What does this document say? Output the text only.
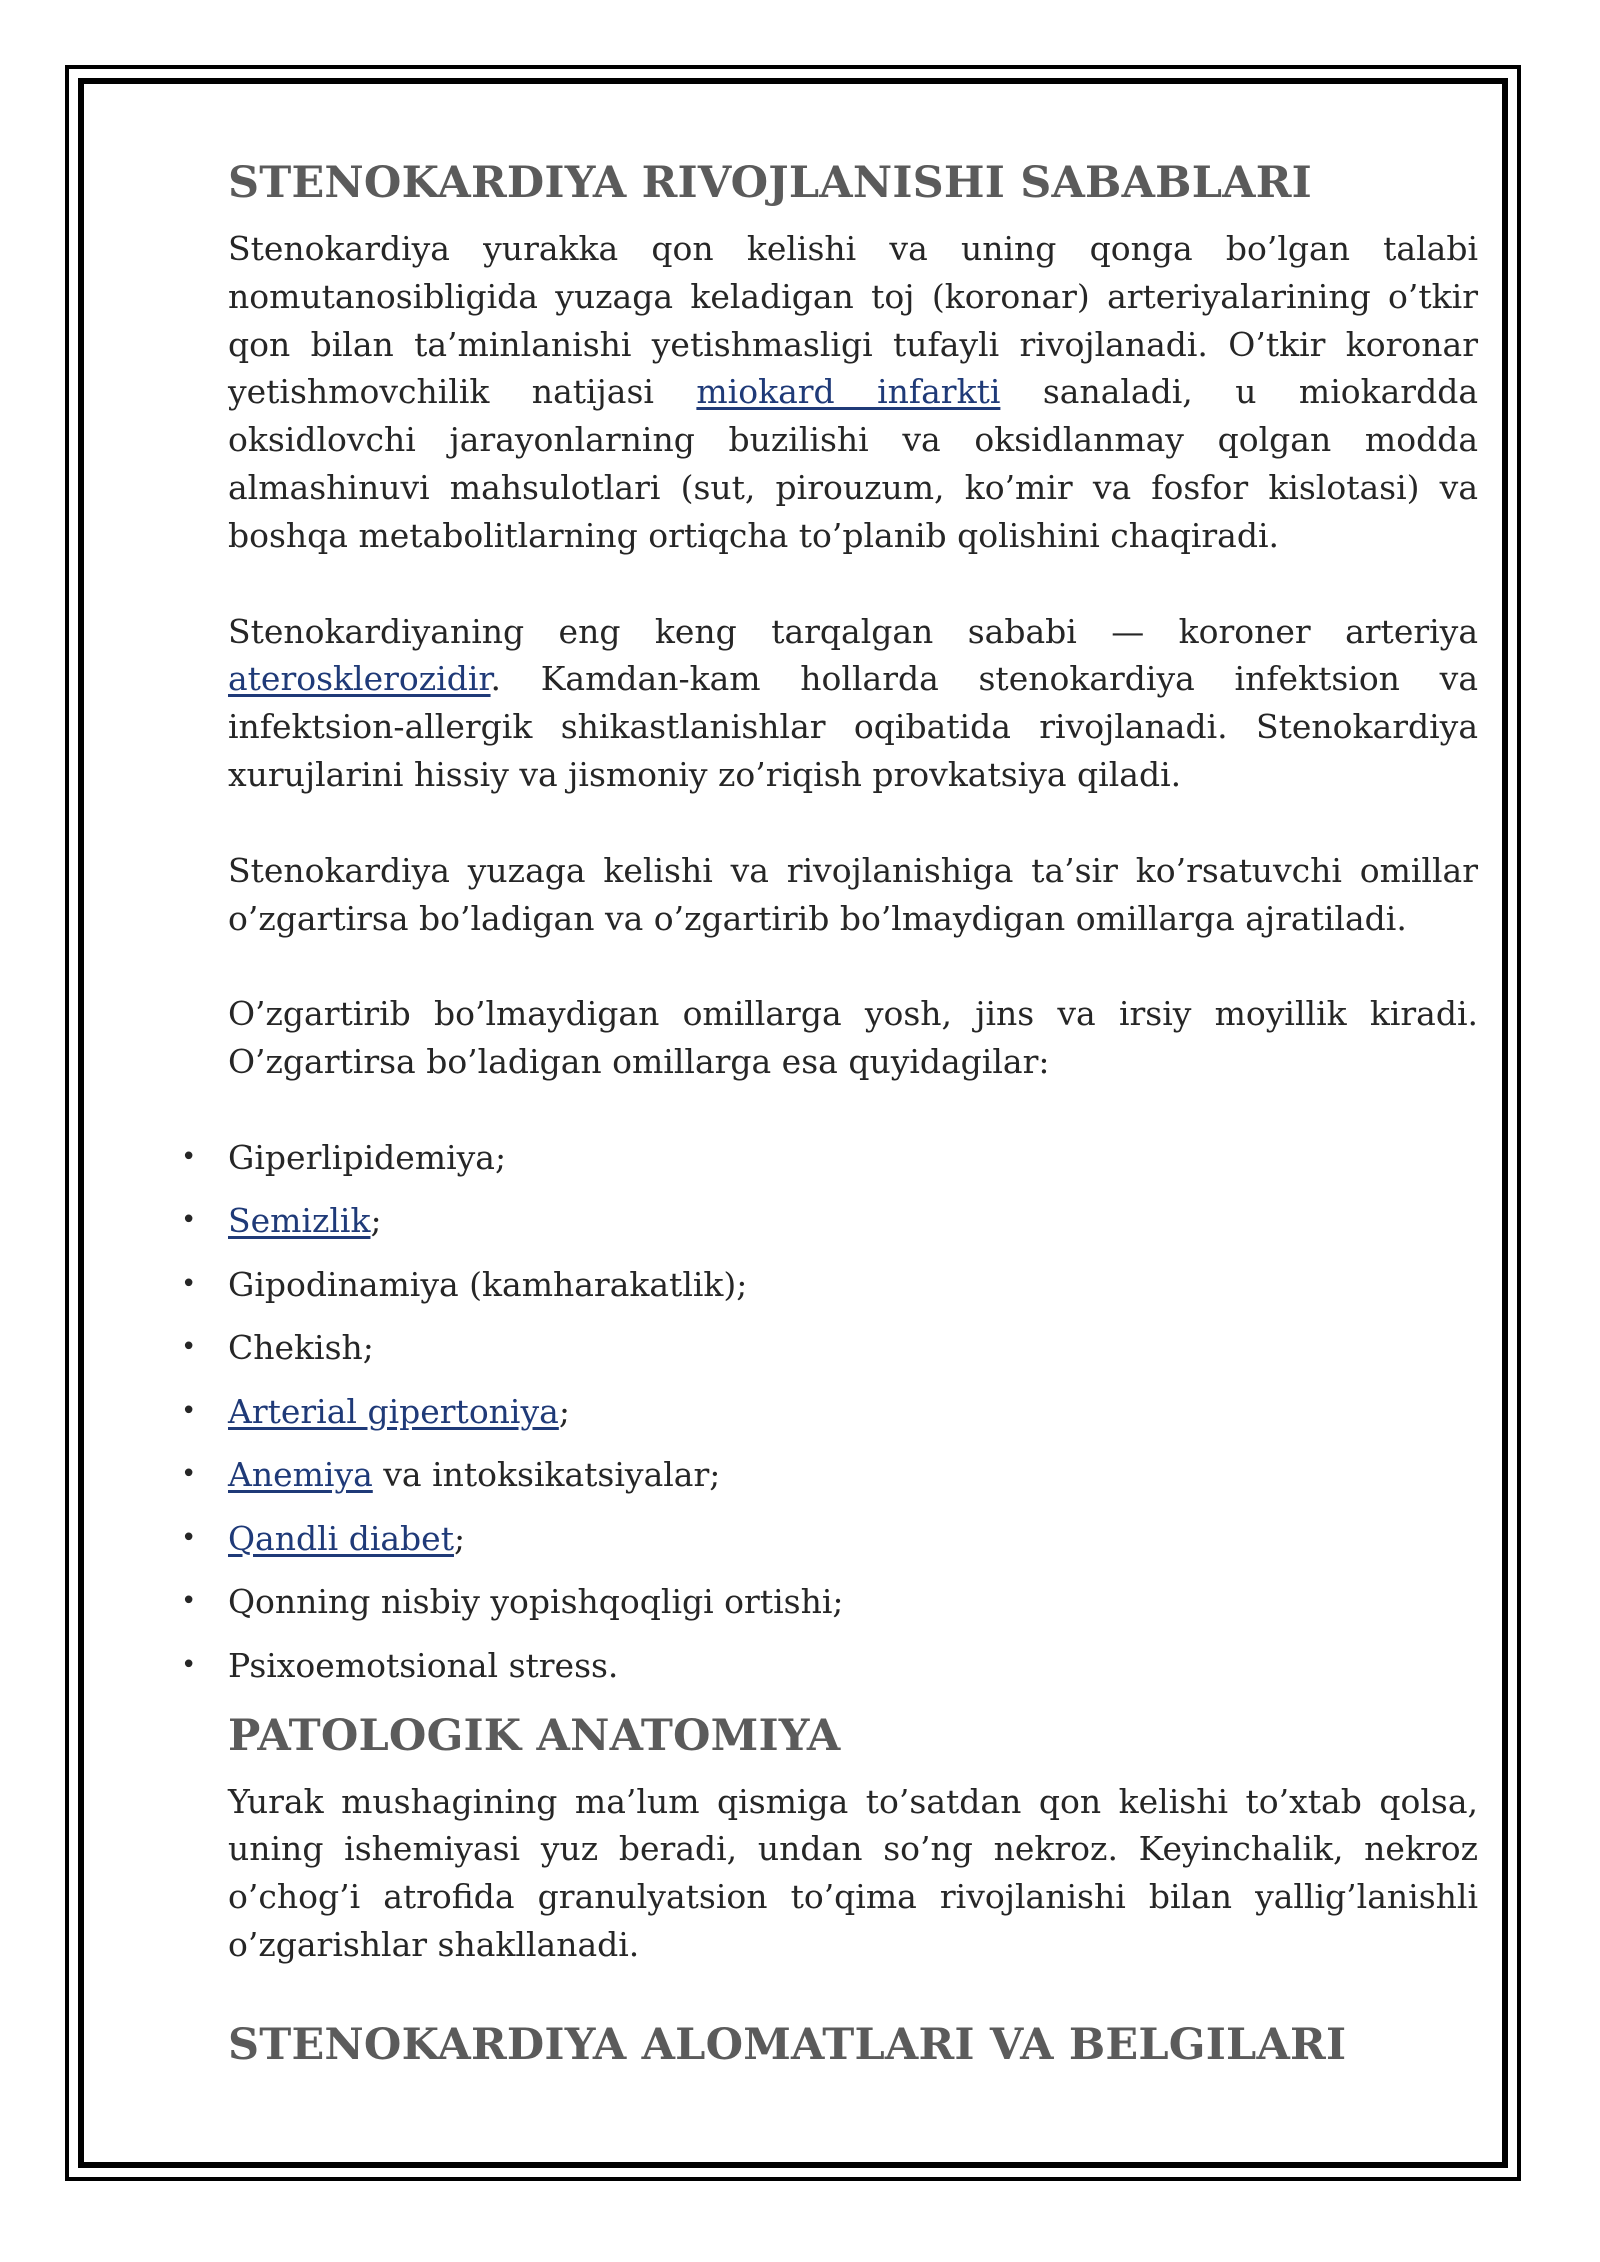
STENOKARDIYA RIVOJLANISHI SABABLARI

Stenokardiya yurakka qon kelishi va uning qonga bo’lgan talabi nomutanosibligida yuzaga keladigan toj (koronar) arteriyalarining o’tkir qon bilan ta’minlanishi yetishmasligi tufayli rivojlanadi. O’tkir koronar yetishmovchilik natijasi miokard infarkti sanaladi, u miokardda oksidlovchi jarayonlarning buzilishi va oksidlanmay qolgan modda almashinuvi mahsulotlari (sut, pirouzum, ko’mir va fosfor kislotasi) va boshqa metabolitlarning ortiqcha to’planib qolishini chaqiradi.

Stenokardiyaning eng keng tarqalgan sababi — koroner arteriya aterosklerozidir. Kamdan-kam hollarda stenokardiya infektsion va infektsion-allergik shikastlanishlar oqibatida rivojlanadi. Stenokardiya xurujlarini hissiy va jismoniy zo’riqish provkatsiya qiladi.

Stenokardiya yuzaga kelishi va rivojlanishiga ta’sir ko’rsatuvchi omillar o’zgartirsa bo’ladigan va o’zgartirib bo’lmaydigan omillarga ajratiladi.

O’zgartirib bo’lmaydigan omillarga yosh, jins va irsiy moyillik kiradi. O’zgartirsa bo’ladigan omillarga esa quyidagilar:

• Giperlipidemiya;
• Semizlik;
• Gipodinamiya (kamharakatlik);
• Chekish;
• Arterial gipertoniya;
• Anemiya va intoksikatsiyalar;
• Qandli diabet;
• Qonning nisbiy yopishqoqligi ortishi;
• Psixoemotsional stress.
PATOLOGIK ANATOMIYA

Yurak mushagining ma’lum qismiga to’satdan qon kelishi to’xtab qolsa, uning ishemiyasi yuz beradi, undan so’ng nekroz. Keyinchalik, nekroz o’chog’i atrofida granulyatsion to’qima rivojlanishi bilan yallig’lanishli o’zgarishlar shakllanadi.

STENOKARDIYA ALOMATLARI VA BELGILARI
